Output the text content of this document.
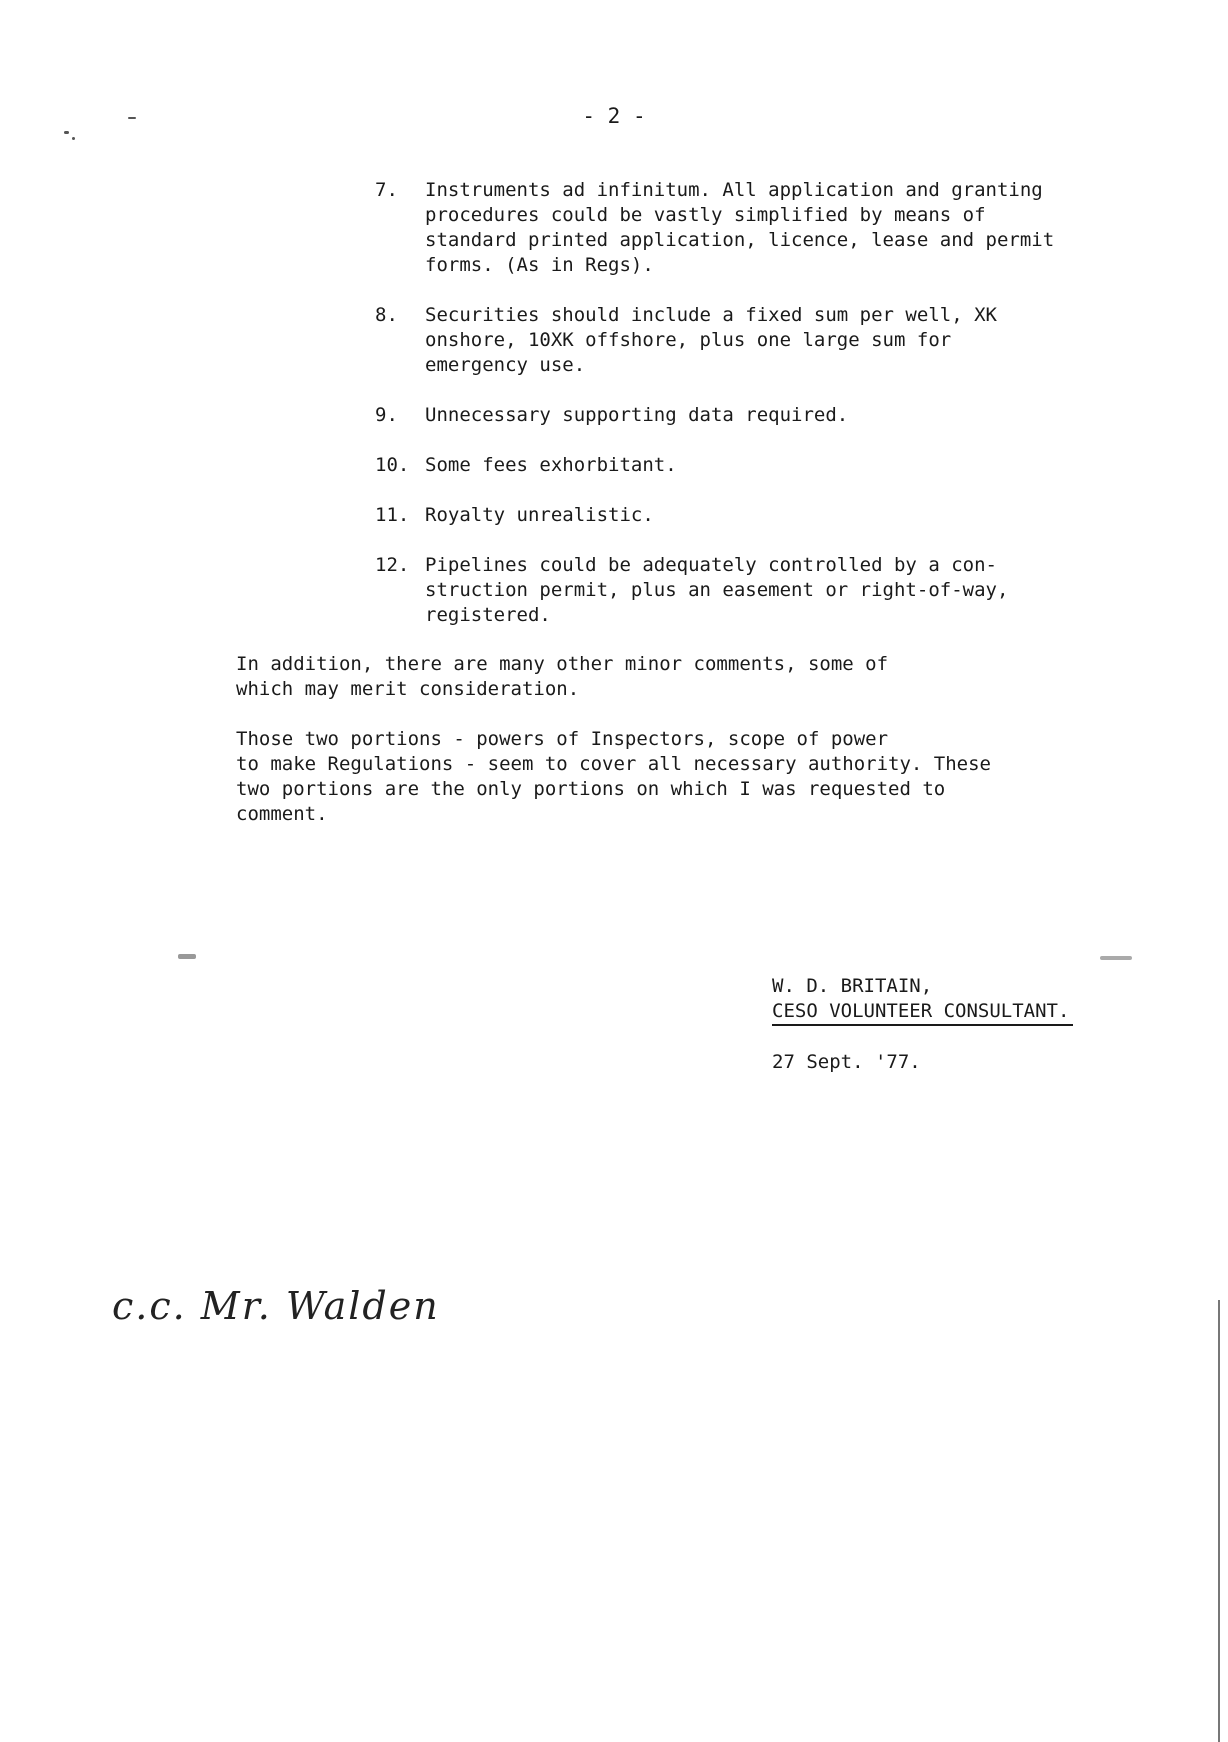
- 2 -
7.	Instruments ad infinitum. All application and granting
procedures could be vastly simplified by means of
standard printed application, licence, lease and permit
forms. (As in Regs).
8.	Securities should include a fixed sum per well, XK
onshore, 10XK offshore, plus one large sum for
emergency use.
9.	Unnecessary supporting data required.
10. Some fees exhorbitant.
11. Royalty unrealistic.
12. Pipelines could be adequately controlled by a con-
struction permit, plus an easement or right-of-way,
registered.
In addition, there are many other minor comments, some of
which may merit consideration.
Those two portions - powers of Inspectors, scope of power
to make Regulations - seem to cover all necessary authority. These
two portions are the only portions on which I was requested to
comment.
W. D. BRITAIN,
CESO VOLUNTEER CONSULTANT.
27 Sept. '77.
c.c. Mr. Walden
